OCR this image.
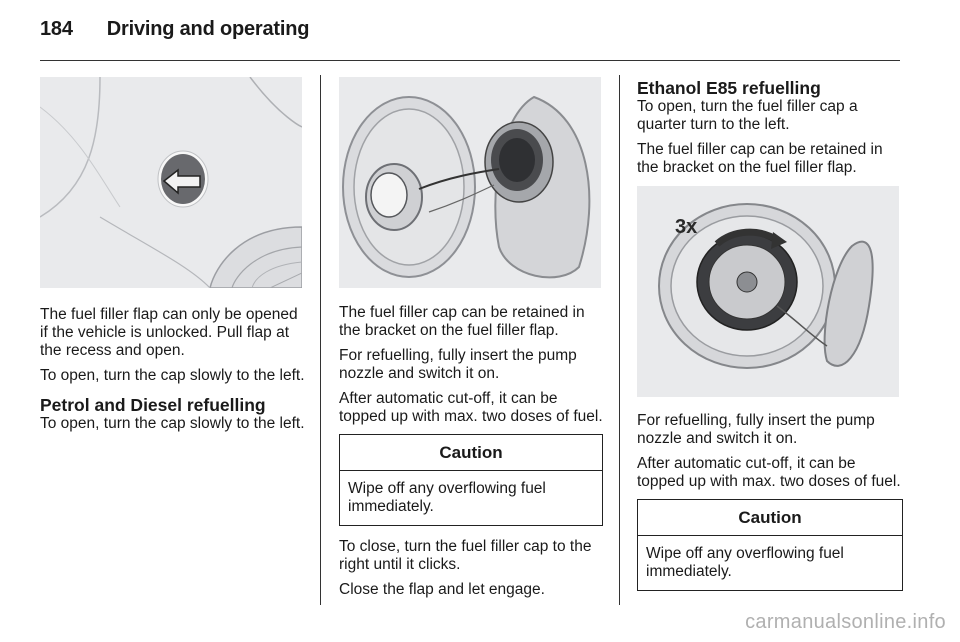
184 Driving and operating
3x

The fuel filler flap can only be opened if the vehicle is unlocked. Pull flap at the recess and open.

To open, turn the cap slowly to the left.

Petrol and Diesel refuelling

To open, turn the cap slowly to the left.

The fuel filler cap can be retained in the bracket on the fuel filler flap.

For refuelling, fully insert the pump nozzle and switch it on.

After automatic cut-off, it can be topped up with max. two doses of fuel.

Caution
Wipe off any overflowing fuel immediately.

To close, turn the fuel filler cap to the right until it clicks.

Close the flap and let engage.

Ethanol E85 refuelling

To open, turn the fuel filler cap a quarter turn to the left.

The fuel filler cap can be retained in the bracket on the fuel filler flap.

For refuelling, fully insert the pump nozzle and switch it on.

After automatic cut-off, it can be topped up with max. two doses of fuel.

Caution
Wipe off any overflowing fuel immediately.
carmanualsonline.info
